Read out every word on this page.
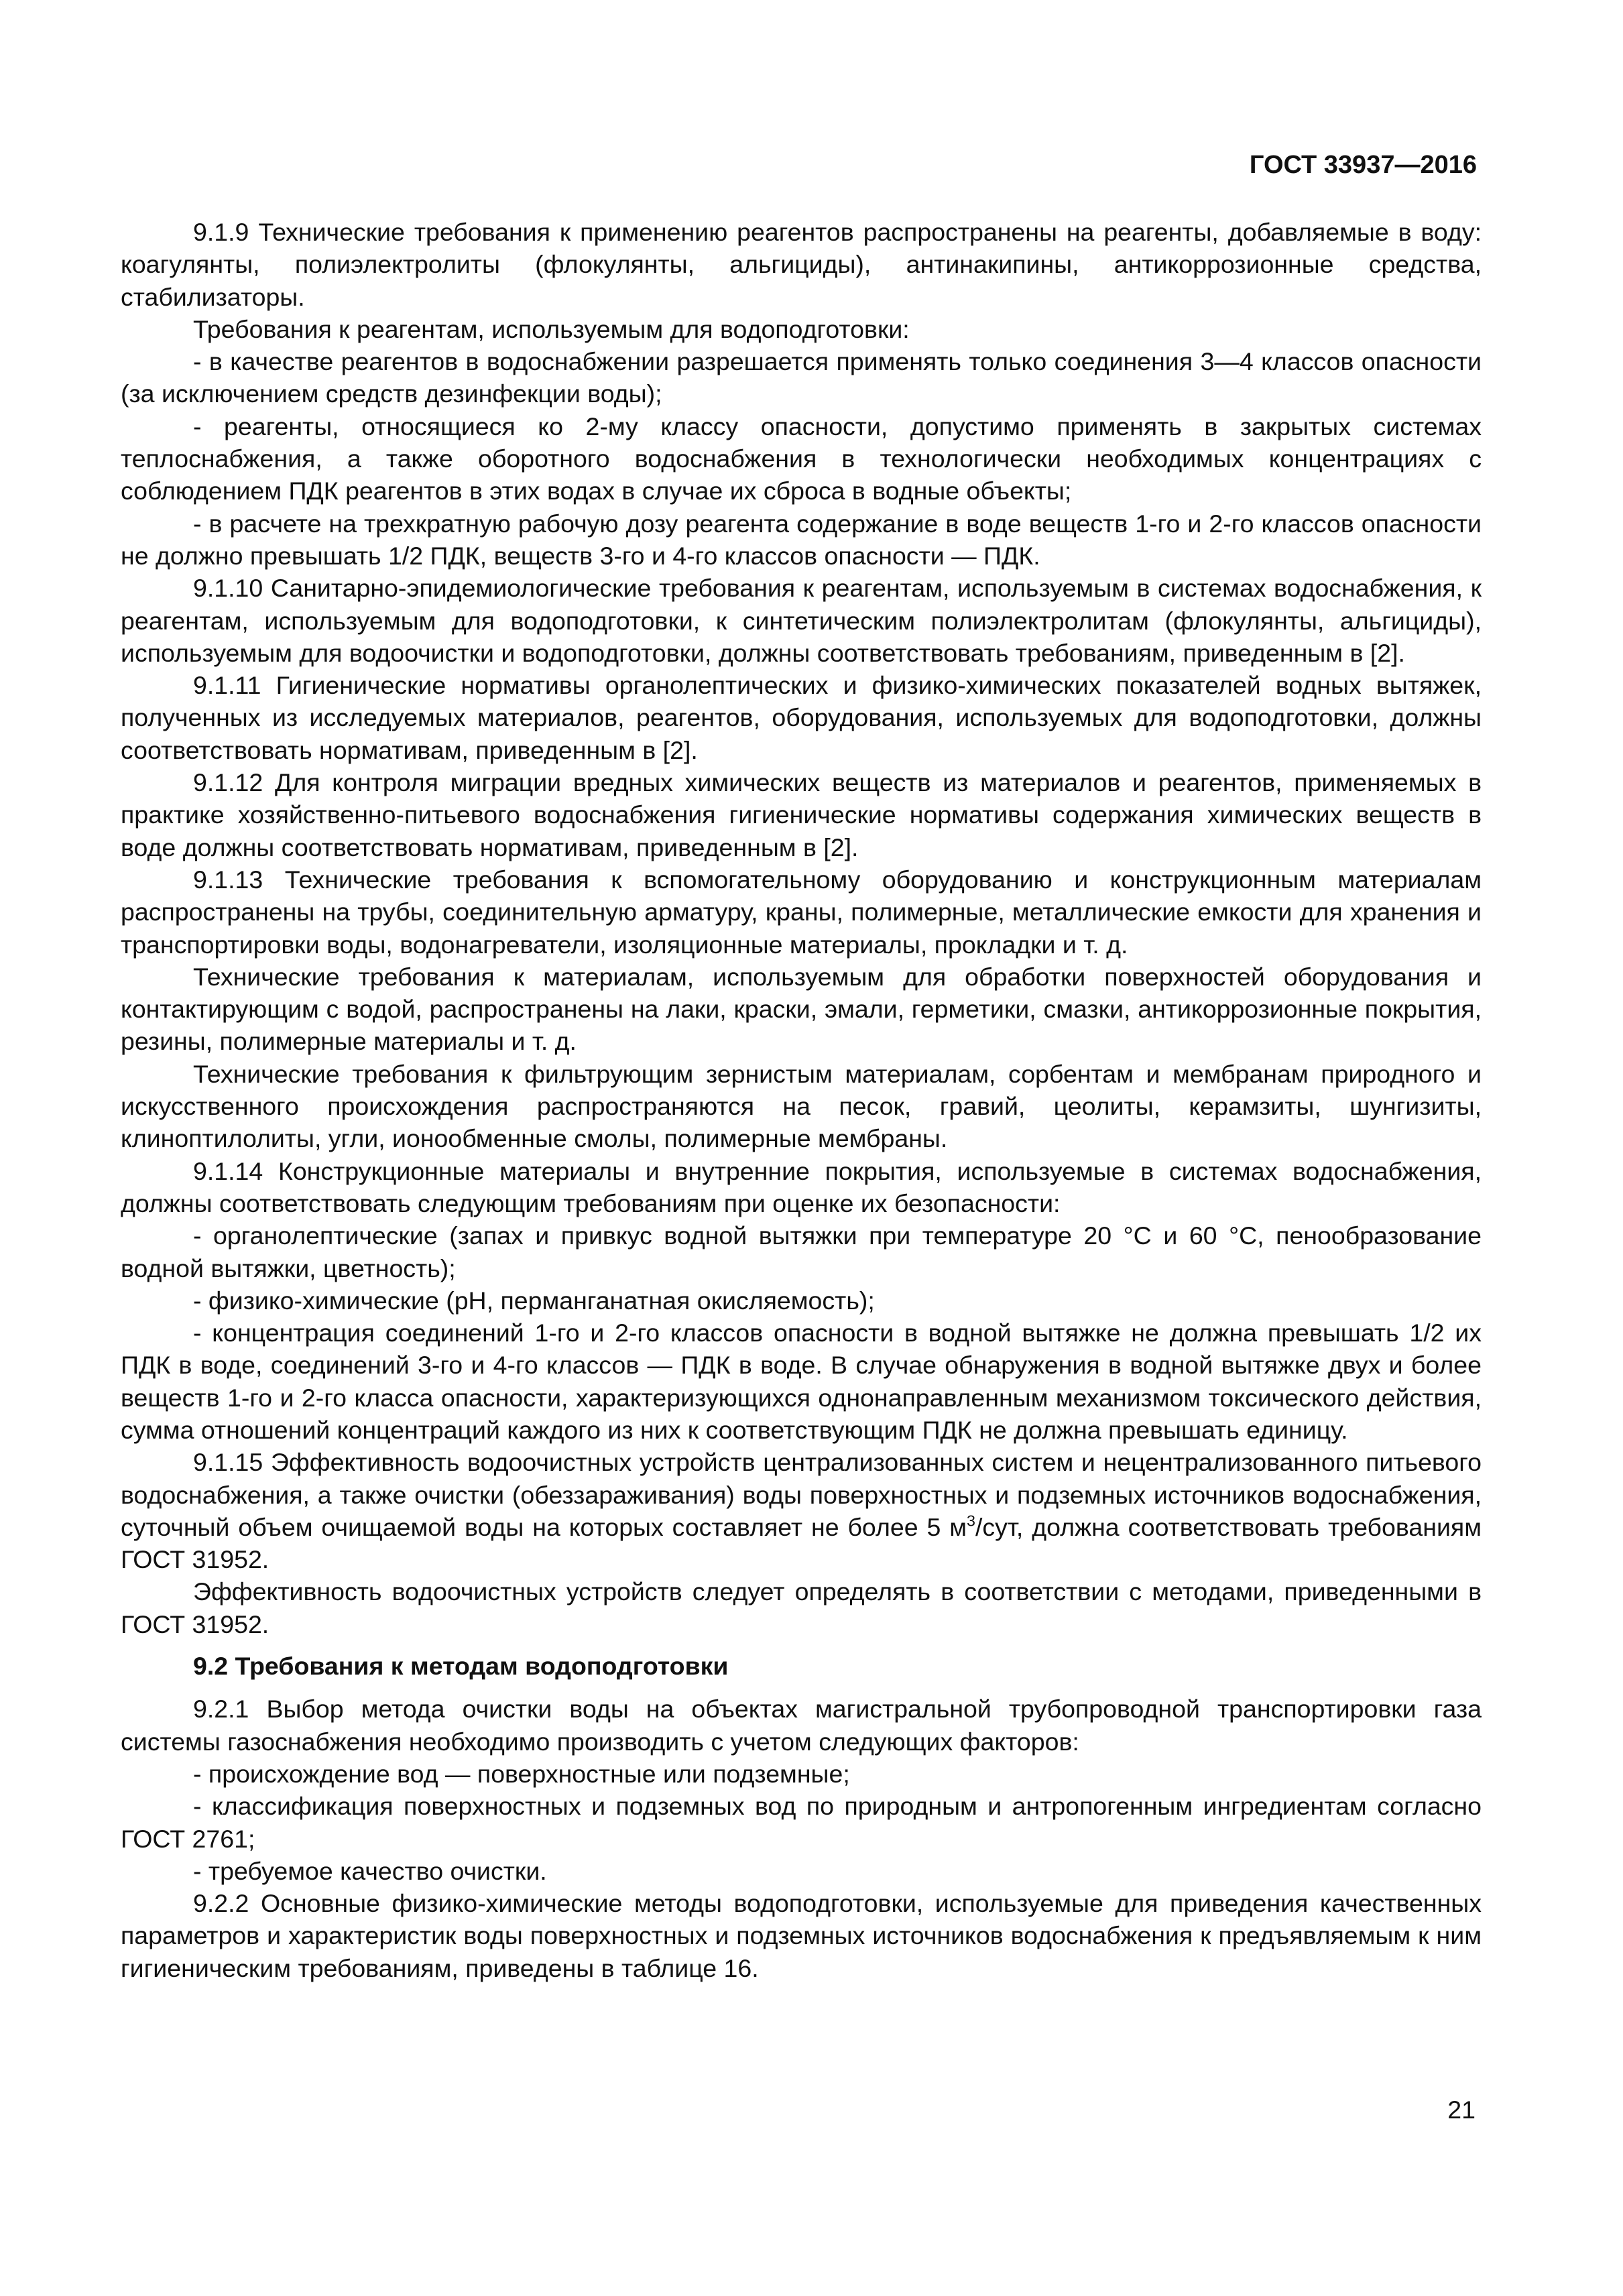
ГОСТ 33937—2016

9.1.9 Технические требования к применению реагентов распространены на реагенты, добавляемые в воду: коагулянты, полиэлектролиты (флокулянты, альгициды), антинакипины, антикоррозионные средства, стабилизаторы.

Требования к реагентам, используемым для водоподготовки:

- в качестве реагентов в водоснабжении разрешается применять только соединения 3—4 классов опасности (за исключением средств дезинфекции воды);

- реагенты, относящиеся ко 2-му классу опасности, допустимо применять в закрытых системах теплоснабжения, а также оборотного водоснабжения в технологически необходимых концентрациях с соблюдением ПДК реагентов в этих водах в случае их сброса в водные объекты;

- в расчете на трехкратную рабочую дозу реагента содержание в воде веществ 1-го и 2-го классов опасности не должно превышать 1/2 ПДК, веществ 3-го и 4-го классов опасности — ПДК.

9.1.10 Санитарно-эпидемиологические требования к реагентам, используемым в системах водоснабжения, к реагентам, используемым для водоподготовки, к синтетическим полиэлектролитам (флокулянты, альгициды), используемым для водоочистки и водоподготовки, должны соответствовать требованиям, приведенным в [2].

9.1.11 Гигиенические нормативы органолептических и физико-химических показателей водных вытяжек, полученных из исследуемых материалов, реагентов, оборудования, используемых для водоподготовки, должны соответствовать нормативам, приведенным в [2].

9.1.12 Для контроля миграции вредных химических веществ из материалов и реагентов, применяемых в практике хозяйственно-питьевого водоснабжения гигиенические нормативы содержания химических веществ в воде должны соответствовать нормативам, приведенным в [2].

9.1.13 Технические требования к вспомогательному оборудованию и конструкционным материалам распространены на трубы, соединительную арматуру, краны, полимерные, металлические емкости для хранения и транспортировки воды, водонагреватели, изоляционные материалы, прокладки и т. д.

Технические требования к материалам, используемым для обработки поверхностей оборудования и контактирующим с водой, распространены на лаки, краски, эмали, герметики, смазки, антикоррозионные покрытия, резины, полимерные материалы и т. д.

Технические требования к фильтрующим зернистым материалам, сорбентам и мембранам природного и искусственного происхождения распространяются на песок, гравий, цеолиты, керамзиты, шунгизиты, клиноптилолиты, угли, ионообменные смолы, полимерные мембраны.

9.1.14 Конструкционные материалы и внутренние покрытия, используемые в системах водоснабжения, должны соответствовать следующим требованиям при оценке их безопасности:

- органолептические (запах и привкус водной вытяжки при температуре 20 °С и 60 °С, пенообразование водной вытяжки, цветность);

- физико-химические (рН, перманганатная окисляемость);

- концентрация соединений 1-го и 2-го классов опасности в водной вытяжке не должна превышать 1/2 их ПДК в воде, соединений 3-го и 4-го классов — ПДК в воде. В случае обнаружения в водной вытяжке двух и более веществ 1-го и 2-го класса опасности, характеризующихся однонаправленным механизмом токсического действия, сумма отношений концентраций каждого из них к соответствующим ПДК не должна превышать единицу.

9.1.15 Эффективность водоочистных устройств централизованных систем и нецентрализованного питьевого водоснабжения, а также очистки (обеззараживания) воды поверхностных и подземных источников водоснабжения, суточный объем очищаемой воды на которых составляет не более 5 $м^3$/сут, должна соответствовать требованиям ГОСТ 31952.

Эффективность водоочистных устройств следует определять в соответствии с методами, приведенными в ГОСТ 31952.

9.2 Требования к методам водоподготовки

9.2.1 Выбор метода очистки воды на объектах магистральной трубопроводной транспортировки газа системы газоснабжения необходимо производить с учетом следующих факторов:

- происхождение вод — поверхностные или подземные;

- классификация поверхностных и подземных вод по природным и антропогенным ингредиентам согласно ГОСТ 2761;

- требуемое качество очистки.

9.2.2 Основные физико-химические методы водоподготовки, используемые для приведения качественных параметров и характеристик воды поверхностных и подземных источников водоснабжения к предъявляемым к ним гигиеническим требованиям, приведены в таблице 16.

21
